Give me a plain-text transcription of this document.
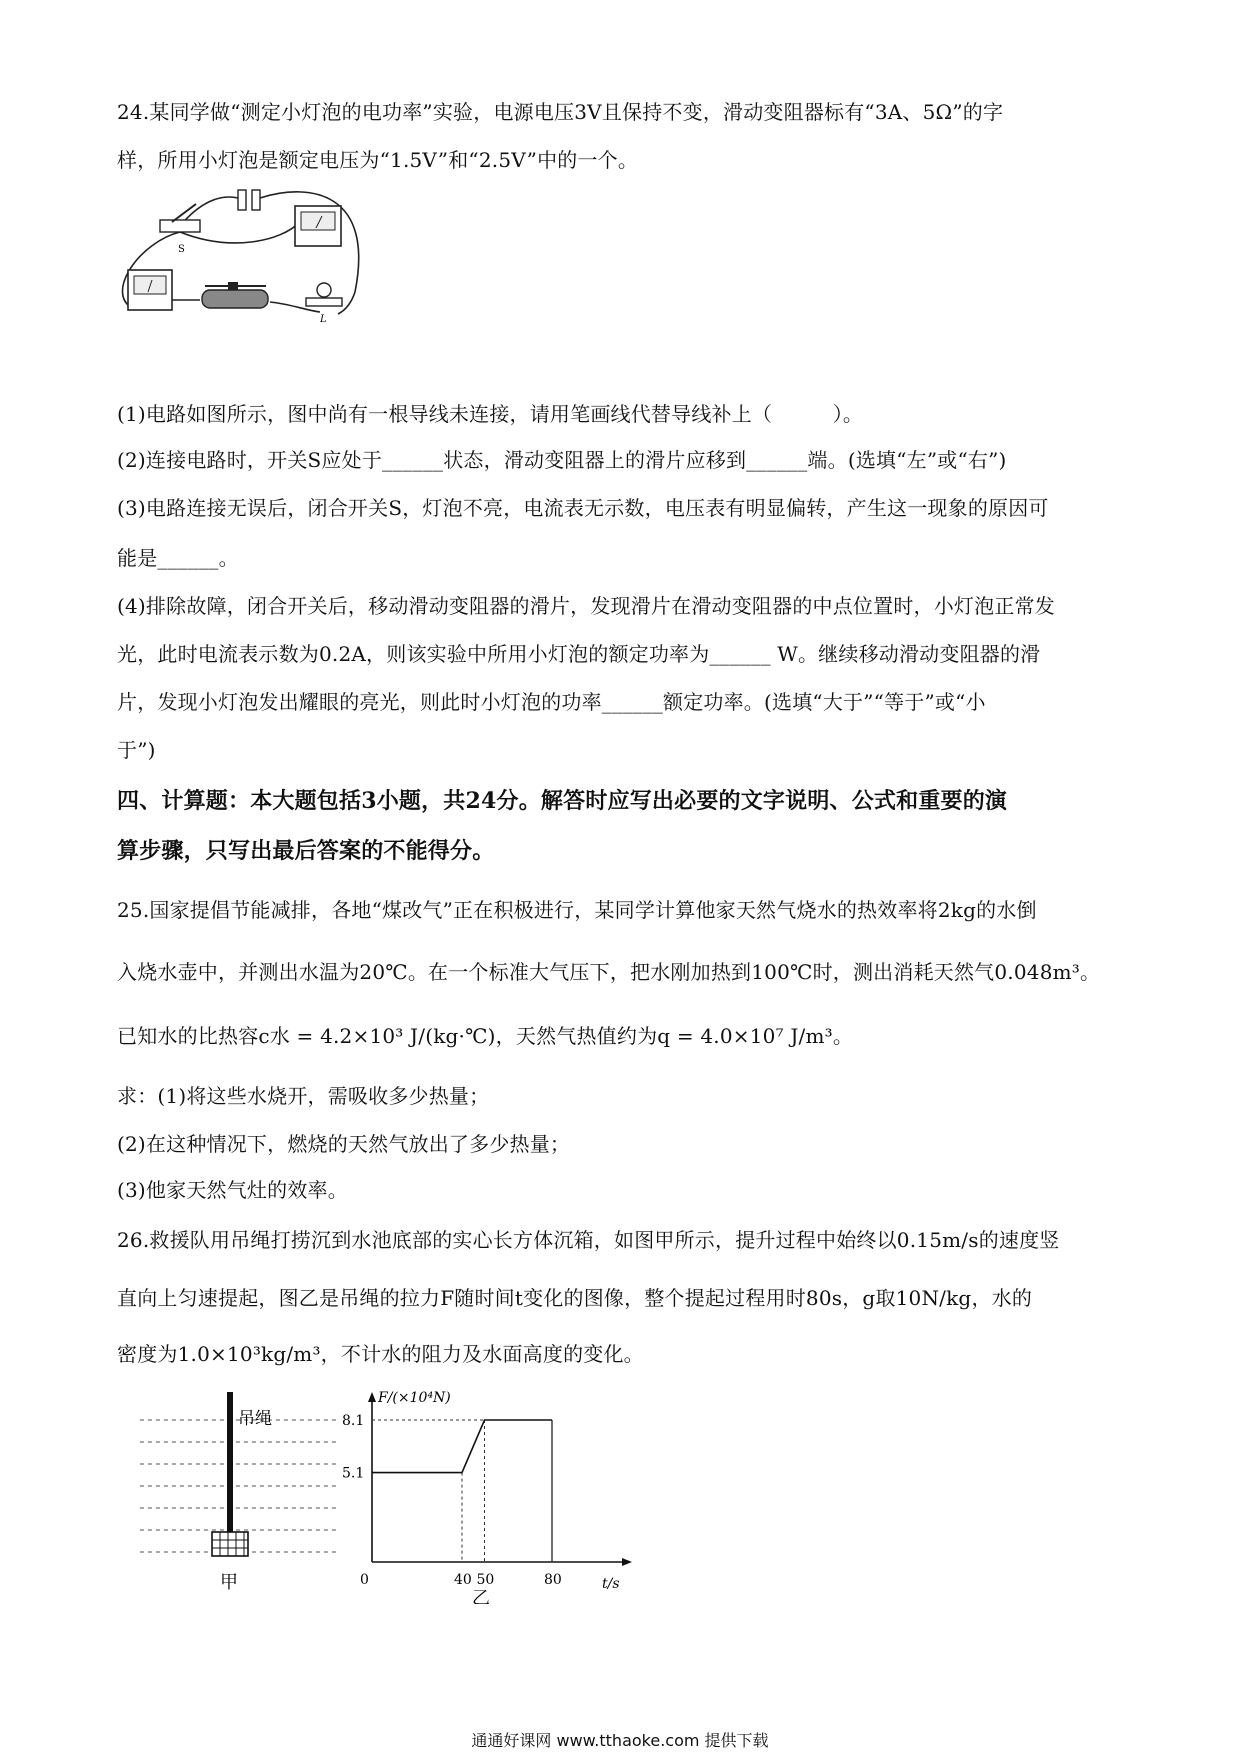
24.某同学做“测定小灯泡的电功率”实验，电源电压3V且保持不变，滑动变阻器标有“3A、5Ω”的字
样，所用小灯泡是额定电压为“1.5V”和“2.5V”中的一个。
S
L
(1)电路如图所示，图中尚有一根导线未连接，请用笔画线代替导线补上（　　　）。
(2)连接电路时，开关S应处于______状态，滑动变阻器上的滑片应移到______端。(选填“左”或“右”)
(3)电路连接无误后，闭合开关S，灯泡不亮，电流表无示数，电压表有明显偏转，产生这一现象的原因可
能是______。
(4)排除故障，闭合开关后，移动滑动变阻器的滑片，发现滑片在滑动变阻器的中点位置时，小灯泡正常发
光，此时电流表示数为0.2A，则该实验中所用小灯泡的额定功率为______ W。继续移动滑动变阻器的滑
片，发现小灯泡发出耀眼的亮光，则此时小灯泡的功率______额定功率。(选填“大于”“等于”或“小
于”)
四、计算题：本大题包括3小题，共24分。解答时应写出必要的文字说明、公式和重要的演
算步骤，只写出最后答案的不能得分。
25.国家提倡节能减排，各地“煤改气”正在积极进行，某同学计算他家天然气烧水的热效率将2kg的水倒
入烧水壶中，并测出水温为20℃。在一个标准大气压下，把水刚加热到100℃时，测出消耗天然气0.048m³。
已知水的比热容c水 = 4.2×10³ J/(kg·℃)，天然气热值约为q = 4.0×10⁷ J/m³。
求：(1)将这些水烧开，需吸收多少热量；
(2)在这种情况下，燃烧的天然气放出了多少热量；
(3)他家天然气灶的效率。
26.救援队用吊绳打捞沉到水池底部的实心长方体沉箱，如图甲所示，提升过程中始终以0.15m/s的速度竖
直向上匀速提起，图乙是吊绳的拉力F随时间t变化的图像，整个提起过程用时80s，g取10N/kg，水的
密度为1.0×10³kg/m³，不计水的阻力及水面高度的变化。
吊绳
甲
F/(×10⁴N)
t/s
0
5.1
8.1
40 50	80
乙
通通好课网 www.tthaoke.com 提供下载
